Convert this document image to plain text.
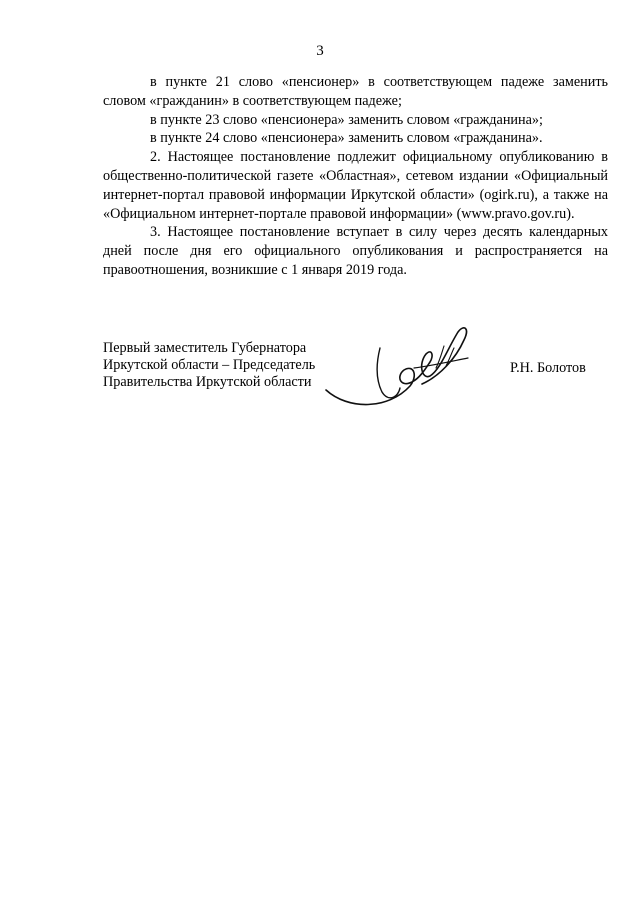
3

в пункте 21 слово «пенсионер» в соответствующем падеже заменить словом «гражданин» в соответствующем падеже;

в пункте 23 слово «пенсионера» заменить словом «гражданина»;

в пункте 24 слово «пенсионера» заменить словом «гражданина».

2. Настоящее постановление подлежит официальному опубликованию в общественно-политической газете «Областная», сетевом издании «Официальный интернет-портал правовой информации Иркутской области» (ogirk.ru), а также на «Официальном интернет-портале правовой информации» (www.pravo.gov.ru).

3. Настоящее постановление вступает в силу через десять календарных дней после дня его официального опубликования и распространяется на правоотношения, возникшие с 1 января 2019 года.

Первый заместитель Губернатора
Иркутской области – Председатель
Правительства Иркутской области
Р.Н. Болотов
